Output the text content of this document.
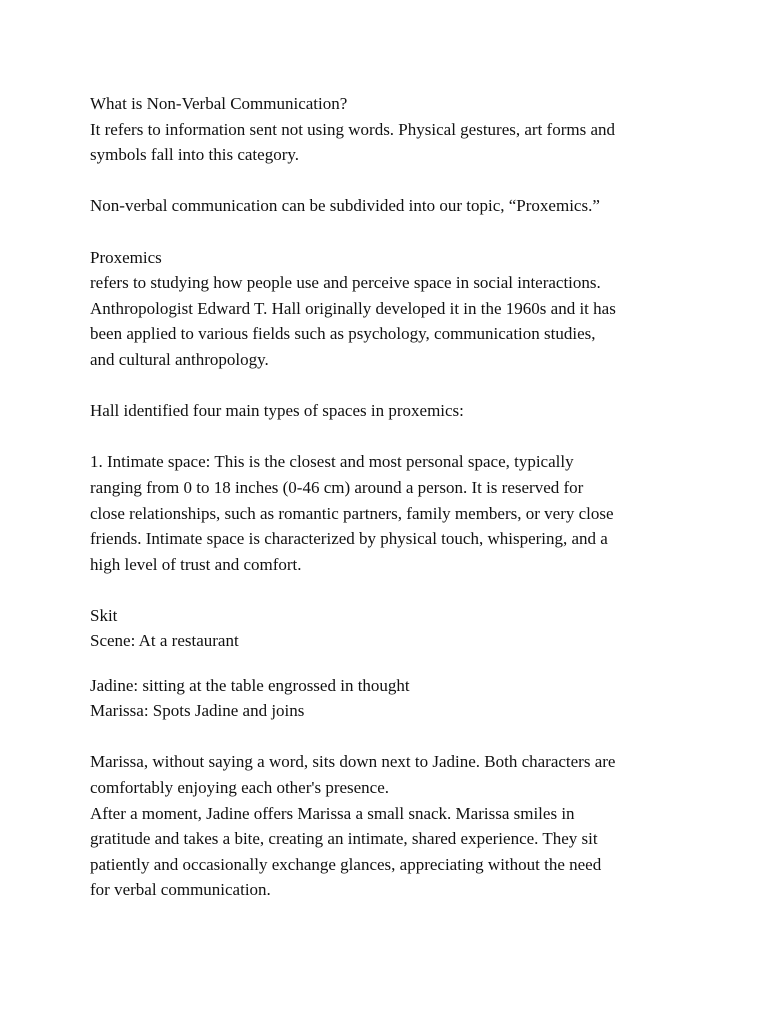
What is Non-Verbal Communication?
It refers to information sent not using words. Physical gestures, art forms and
symbols fall into this category.
Non-verbal communication can be subdivided into our topic, “Proxemics.”
Proxemics
refers to studying how people use and perceive space in social interactions.
Anthropologist Edward T. Hall originally developed it in the 1960s and it has
been applied to various fields such as psychology, communication studies,
and cultural anthropology.
Hall identified four main types of spaces in proxemics:
1. Intimate space: This is the closest and most personal space, typically
ranging from 0 to 18 inches (0-46 cm) around a person. It is reserved for
close relationships, such as romantic partners, family members, or very close
friends. Intimate space is characterized by physical touch, whispering, and a
high level of trust and comfort.
Skit
Scene: At a restaurant
Jadine: sitting at the table engrossed in thought
Marissa: Spots Jadine and joins
Marissa, without saying a word, sits down next to Jadine. Both characters are
comfortably enjoying each other's presence.
After a moment, Jadine offers Marissa a small snack. Marissa smiles in
gratitude and takes a bite, creating an intimate, shared experience. They sit
patiently and occasionally exchange glances, appreciating without the need
for verbal communication.
